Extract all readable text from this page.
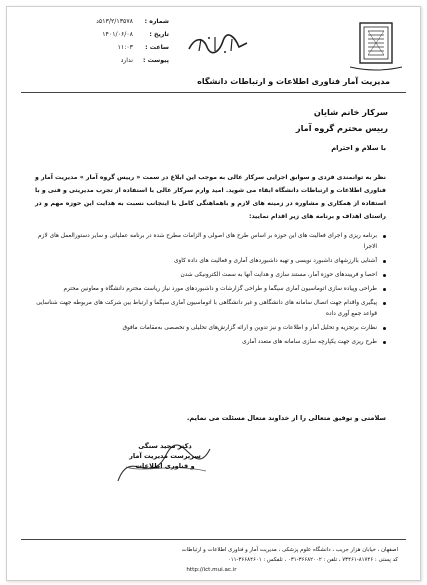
شماره :
۵۱۳/۲/۱۳۵۷۸د
تاریخ :
۱۴۰۱/۰۶/۰۸
ساعت :
۱۱:۰۳
پیوست :
ندارد
مدیریت آمار فناوری اطلاعات و ارتباطات دانشگاه
سرکار خانم شایان
رییس محترم گروه آمار
با سلام و احترام
نظر به توانمندی فردی و سوابق اجرایی سرکار عالی به موجب این ابلاغ در سمت « رییس گروه آمار » مدیریت آمار و فناوری اطلاعات و ارتباطات دانشگاه ابقاء می شوید. امید وارم سرکار عالی با استفاده از تجرب مدیریتی و فنی و با استفاده از همکاری و مشاوره در زمینه های لازم و باهماهنگی کامل با اینجانب نسبت به هدایت این حوزه مهم و در راستای اهداف و برنامه های زیر اقدام نمایید:
برنامه ریزی و اجرای فعالیت های این حوزه بر اساس طرح های اصولی و الزامات مطرح شده در برنامه عملیاتی و سایر دستورالعمل های لازم الاجرا
آشنایی باارزشهای داشبورد نویسی و تهیه داشبوردهای آماری و فعالیت های داده کاوی
احصا و فرییندهای حوزه آمار، مستند سازی و هدایت آنها به سمت الکترونیکی شدن
طراحی وپیاده سازی اتوماسیون آماری سیگما و طراحی گزارشات و داشبوردهای مورد نیاز ریاست محترم دانشگاه و معاونین محترم
پیگیری واقدام جهت اتصال سامانه های دانشگاهی و غیر دانشگاهی با اتوماسیون آماری سیگما و ارتباط بین شرکت های مربوطه جهت شناسایی قواعد جمع آوری داده
نظارت برتجزیه و تحلیل آمار و اطلاعات و نیز تدوین و ارائه گزارش‌های تحلیلی و تخصصی به‌مقامات مافوق
طرح ریزی جهت یکپارچه سازی سامانه های متعدد آماری
سلامتی و توفیق متعالی را از خداوند متعال مسئلت می نمایم.
دکتر مجید سنگی
سرپرست مدیریت آمار
و فناوری اطلاعات
اصفهان ، خیابان هزار جریب ، دانشگاه علوم پزشکی ، مدیریت آمار و فناوری اطلاعات و ارتباطات
کد پستی : ۸۱۷۴۶-۷۳۴۶۱ ، تلفن : ۳۶۶۸۲۰۰۲-۰۳۱ ، تلفکس : ۳۶۶۸۴۶۰۱-۰۱۱
http://ict.mui.ac.ir
